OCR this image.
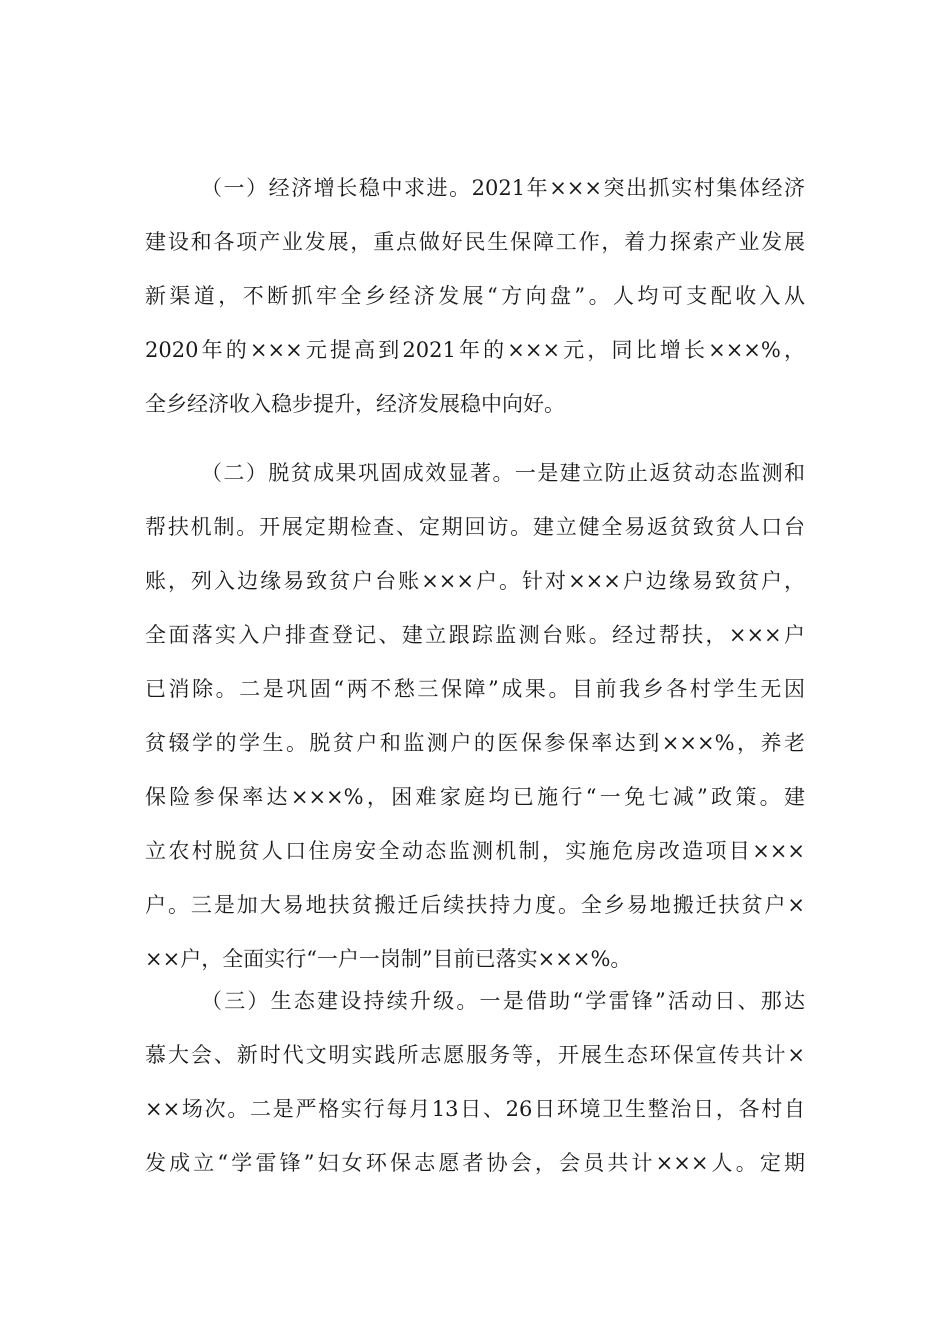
（一）经济增长稳中求进。2021年×××突出抓实村集体经济
建设和各项产业发展，重点做好民生保障工作，着力探索产业发展
新渠道，不断抓牢全乡经济发展“方向盘”。人均可支配收入从
2020年的×××元提高到2021年的×××元，同比增长×××%，
全乡经济收入稳步提升，经济发展稳中向好。
（二）脱贫成果巩固成效显著。一是建立防止返贫动态监测和
帮扶机制。开展定期检查、定期回访。建立健全易返贫致贫人口台
账，列入边缘易致贫户台账×××户。针对×××户边缘易致贫户，
全面落实入户排查登记、建立跟踪监测台账。经过帮扶，×××户
已消除。二是巩固“两不愁三保障”成果。目前我乡各村学生无因
贫辍学的学生。脱贫户和监测户的医保参保率达到×××%，养老
保险参保率达×××%，困难家庭均已施行“一免七减”政策。建
立农村脱贫人口住房安全动态监测机制，实施危房改造项目×××
户。三是加大易地扶贫搬迁后续扶持力度。全乡易地搬迁扶贫户×
××户，全面实行“一户一岗制”目前已落实×××%。
（三）生态建设持续升级。一是借助“学雷锋”活动日、那达
慕大会、新时代文明实践所志愿服务等，开展生态环保宣传共计×
××场次。二是严格实行每月13日、26日环境卫生整治日，各村自
发成立“学雷锋”妇女环保志愿者协会，会员共计×××人。定期
